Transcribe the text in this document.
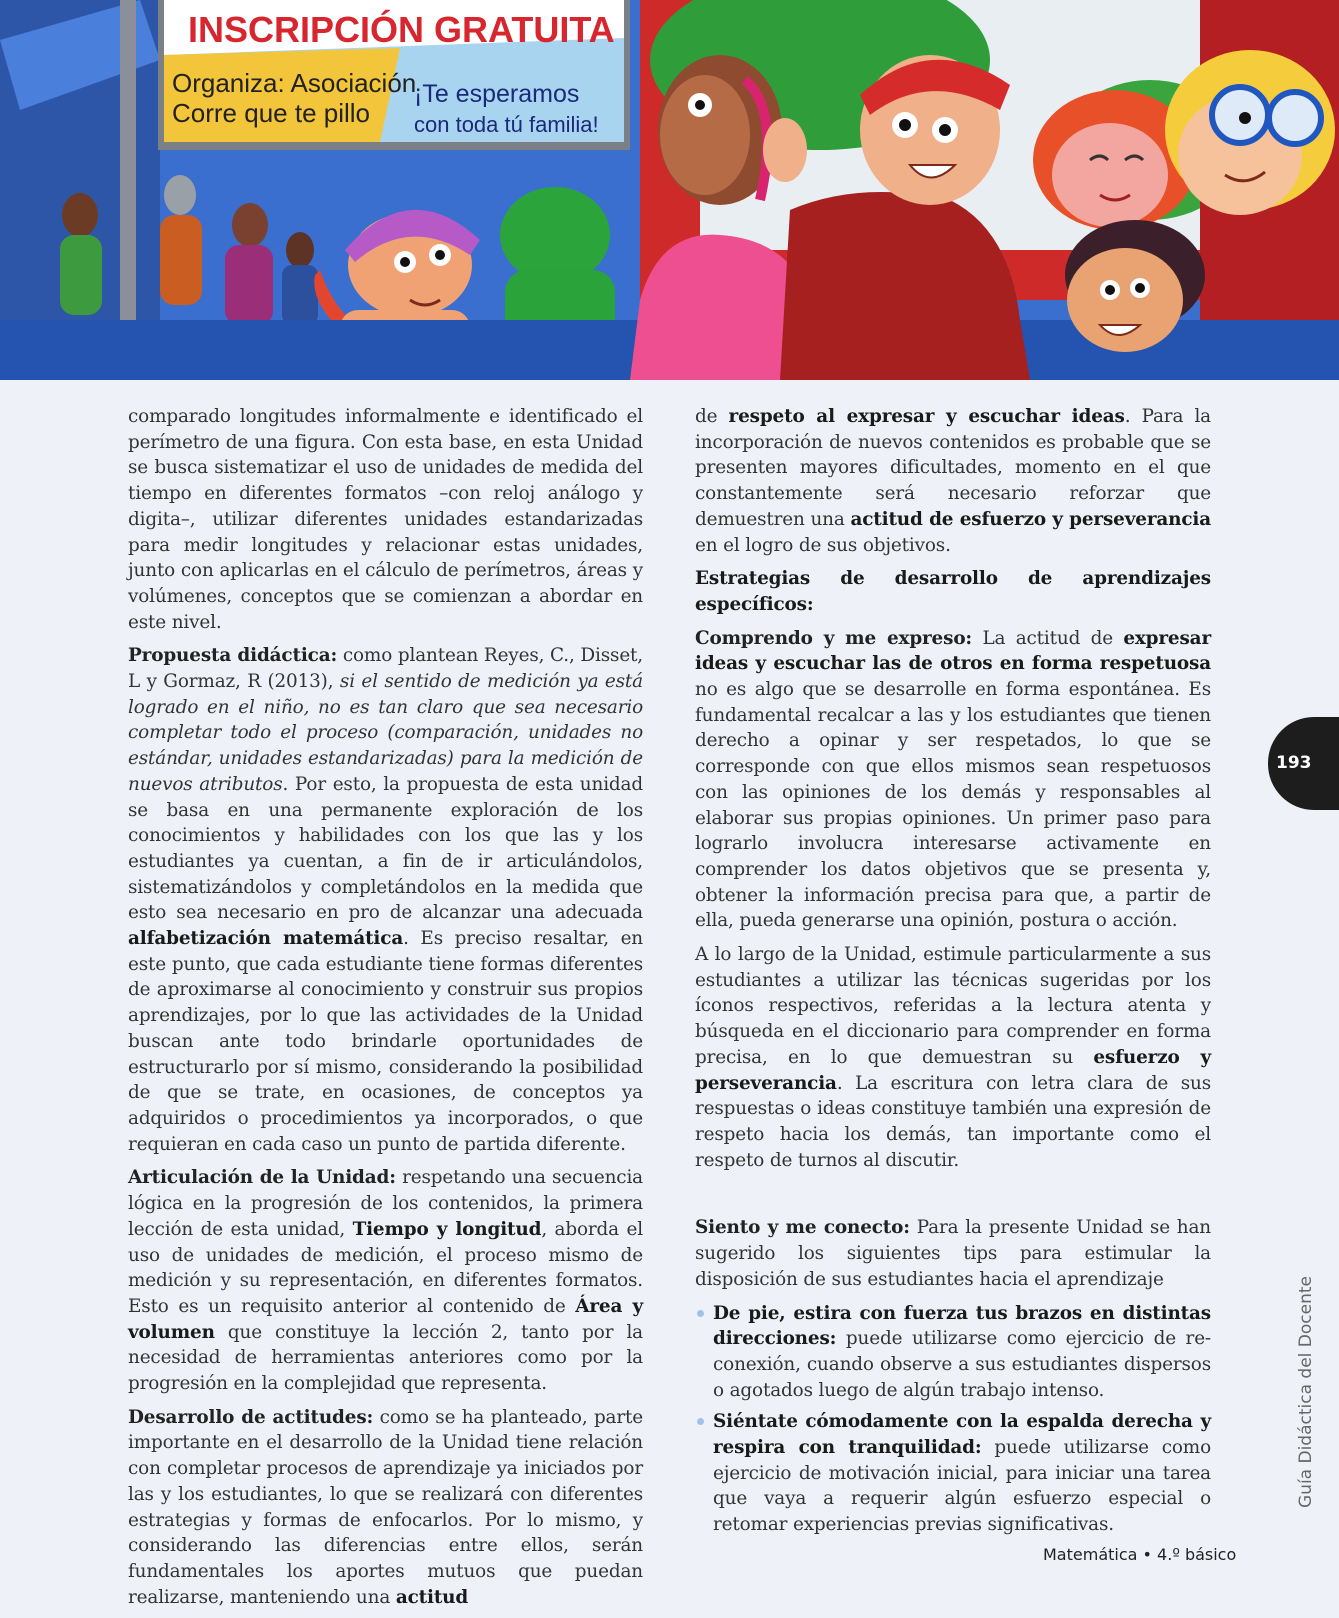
INSCRIPCIÓN GRATUITA
Organiza: Asociación
Corre que te pillo
¡Te esperamos
con toda tú familia!

comparado longitudes informalmente e identificado el perímetro de una figura. Con esta base, en esta Unidad se busca sistematizar el uso de unidades de medida del tiempo en diferentes formatos –con reloj análogo y digita–, utilizar diferentes unidades estandarizadas para medir longitudes y relacionar estas unidades, junto con aplicarlas en el cálculo de perímetros, áreas y volúmenes, conceptos que se comienzan a abordar en este nivel.

Propuesta didáctica: como plantean Reyes, C., Disset, L y Gormaz, R (2013), si el sentido de medición ya está logrado en el niño, no es tan claro que sea necesario completar todo el proceso (comparación, unidades no estándar, unidades estandarizadas) para la medición de nuevos atributos. Por esto, la propuesta de esta unidad se basa en una permanente exploración de los conocimientos y habilidades con los que las y los estudiantes ya cuentan, a fin de ir articulándolos, sistematizándolos y completándolos en la medida que esto sea necesario en pro de alcanzar una adecuada alfabetización matemática. Es preciso resaltar, en este punto, que cada estudiante tiene formas diferentes de aproximarse al conocimiento y construir sus propios aprendizajes, por lo que las actividades de la Unidad buscan ante todo brindarle oportunidades de estructurarlo por sí mismo, considerando la posibilidad de que se trate, en ocasiones, de conceptos ya adquiridos o procedimientos ya incorporados, o que requieran en cada caso un punto de partida diferente.

Articulación de la Unidad: respetando una secuencia lógica en la progresión de los contenidos, la primera lección de esta unidad, Tiempo y longitud, aborda el uso de unidades de medición, el proceso mismo de medición y su representación, en diferentes formatos. Esto es un requisito anterior al contenido de Área y volumen que constituye la lección 2, tanto por la necesidad de herramientas anteriores como por la progresión en la complejidad que representa.

Desarrollo de actitudes: como se ha planteado, parte importante en el desarrollo de la Unidad tiene relación con completar procesos de aprendizaje ya iniciados por las y los estudiantes, lo que se realizará con diferentes estrategias y formas de enfocarlos. Por lo mismo, y considerando las diferencias entre ellos, serán fundamentales los aportes mutuos que puedan realizarse, manteniendo una actitud

de respeto al expresar y escuchar ideas. Para la incorporación de nuevos contenidos es probable que se presenten mayores dificultades, momento en el que constantemente será necesario reforzar que demuestren una actitud de esfuerzo y perseverancia en el logro de sus objetivos.

Estrategias de desarrollo de aprendizajes específicos:

Comprendo y me expreso: La actitud de expresar ideas y escuchar las de otros en forma respetuosa no es algo que se desarrolle en forma espontánea. Es fundamental recalcar a las y los estudiantes que tienen derecho a opinar y ser respetados, lo que se corresponde con que ellos mismos sean respetuosos con las opiniones de los demás y responsables al elaborar sus propias opiniones. Un primer paso para lograrlo involucra interesarse activamente en comprender los datos objetivos que se presenta y, obtener la información precisa para que, a partir de ella, pueda generarse una opinión, postura o acción.

A lo largo de la Unidad, estimule particularmente a sus estudiantes a utilizar las técnicas sugeridas por los íconos respectivos, referidas a la lectura atenta y búsqueda en el diccionario para comprender en forma precisa, en lo que demuestran su esfuerzo y perseverancia. La escritura con letra clara de sus respuestas o ideas constituye también una expresión de respeto hacia los demás, tan importante como el respeto de turnos al discutir.

Siento y me conecto: Para la presente Unidad se han sugerido los siguientes tips para estimular la disposición de sus estudiantes hacia el aprendizaje

De pie, estira con fuerza tus brazos en distintas direcciones: puede utilizarse como ejercicio de re-conexión, cuando observe a sus estudiantes dispersos o agotados luego de algún trabajo intenso.
Siéntate cómodamente con la espalda derecha y respira con tranquilidad: puede utilizarse como ejercicio de motivación inicial, para iniciar una tarea que vaya a requerir algún esfuerzo especial o retomar experiencias previas significativas.
193
Guía Didáctica del Docente
Matemática • 4.º básico
